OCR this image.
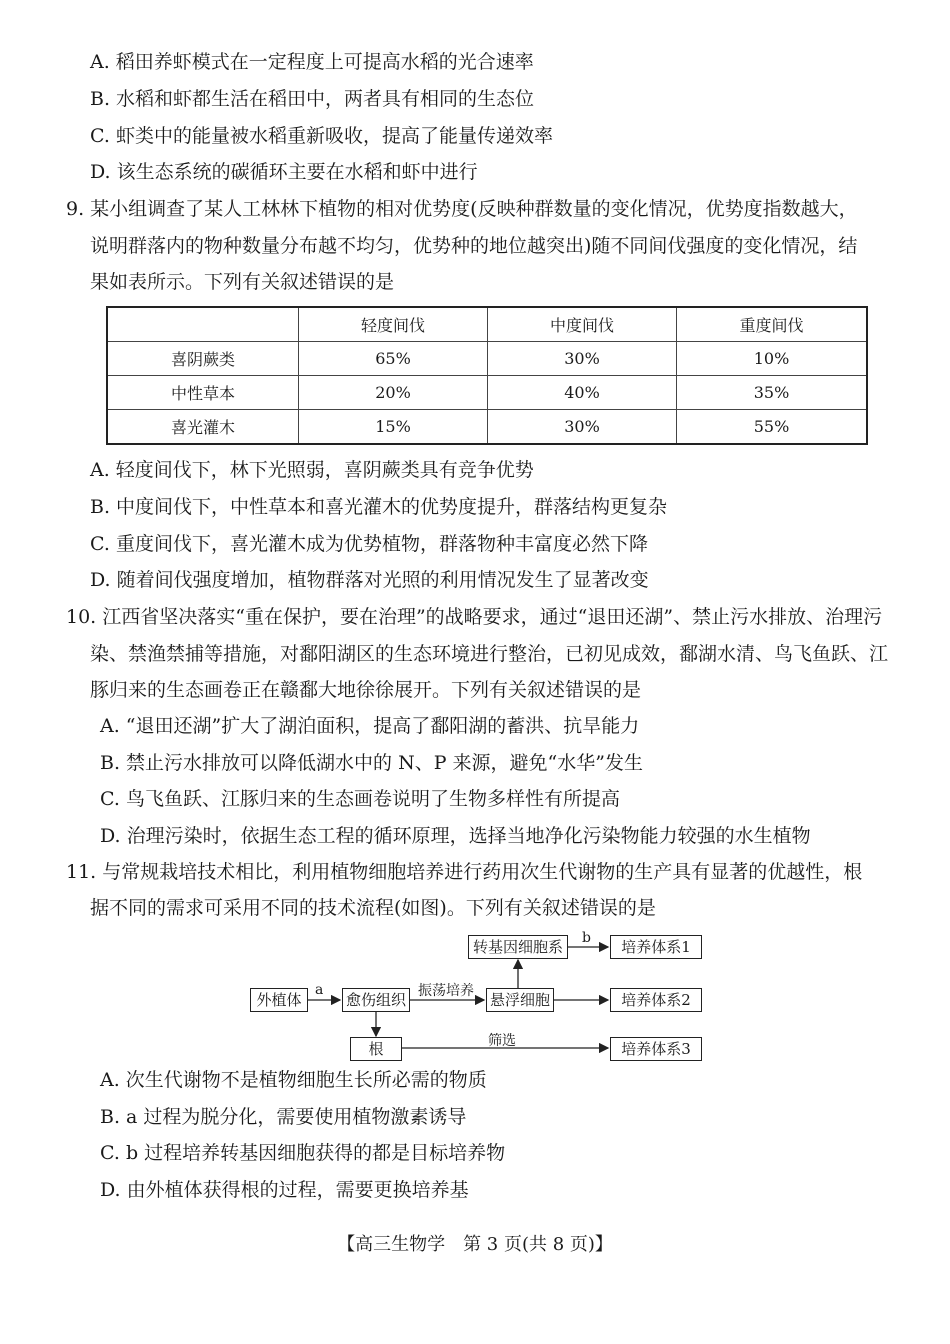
A. 稻田养虾模式在一定程度上可提高水稻的光合速率
B. 水稻和虾都生活在稻田中，两者具有相同的生态位
C. 虾类中的能量被水稻重新吸收，提高了能量传递效率
D. 该生态系统的碳循环主要在水稻和虾中进行
9. 某小组调查了某人工林林下植物的相对优势度(反映种群数量的变化情况，优势度指数越大，
说明群落内的物种数量分布越不均匀，优势种的地位越突出)随不同间伐强度的变化情况，结
果如表所示。下列有关叙述错误的是
	轻度间伐	中度间伐	重度间伐
喜阴蕨类	65%	30%	10%
中性草本	20%	40%	35%
喜光灌木	15%	30%	55%
A. 轻度间伐下，林下光照弱，喜阴蕨类具有竞争优势
B. 中度间伐下，中性草本和喜光灌木的优势度提升，群落结构更复杂
C. 重度间伐下，喜光灌木成为优势植物，群落物种丰富度必然下降
D. 随着间伐强度增加，植物群落对光照的利用情况发生了显著改变
10. 江西省坚决落实“重在保护，要在治理”的战略要求，通过“退田还湖”、禁止污水排放、治理污
染、禁渔禁捕等措施，对鄱阳湖区的生态环境进行整治，已初见成效，鄱湖水清、鸟飞鱼跃、江
豚归来的生态画卷正在赣鄱大地徐徐展开。下列有关叙述错误的是
A. “退田还湖”扩大了湖泊面积，提高了鄱阳湖的蓄洪、抗旱能力
B. 禁止污水排放可以降低湖水中的 N、P 来源，避免“水华”发生
C. 鸟飞鱼跃、江豚归来的生态画卷说明了生物多样性有所提高
D. 治理污染时，依据生态工程的循环原理，选择当地净化污染物能力较强的水生植物
11. 与常规栽培技术相比，利用植物细胞培养进行药用次生代谢物的生产具有显著的优越性，根
据不同的需求可采用不同的技术流程(如图)。下列有关叙述错误的是
外植体	愈伤组织	悬浮细胞
转基因细胞系
根
培养体系1
培养体系2
培养体系3
a
b
振荡培养
筛选
A. 次生代谢物不是植物细胞生长所必需的物质
B. a 过程为脱分化，需要使用植物激素诱导
C. b 过程培养转基因细胞获得的都是目标培养物
D. 由外植体获得根的过程，需要更换培养基
【高三生物学　第 3 页(共 8 页)】
